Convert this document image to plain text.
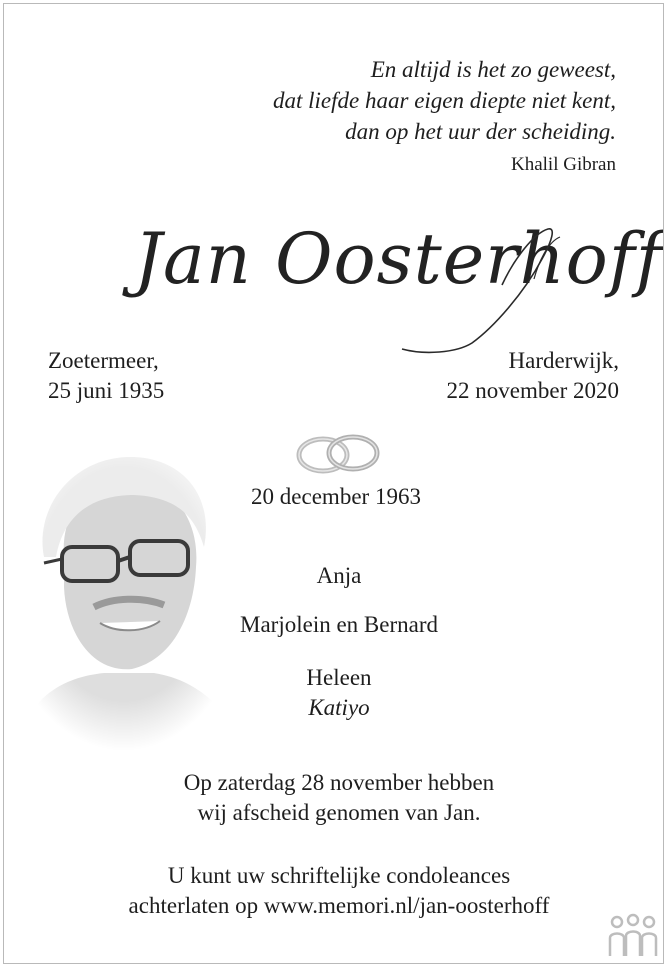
En altijd is het zo geweest,
dat liefde haar eigen diepte niet kent,
dan op het uur der scheiding.
Khalil Gibran
Jan Oosterhoff
Zoetermeer,
25 juni 1935
Harderwijk,
22 november 2020
20 december 1963
Anja
Marjolein en Bernard
Heleen
Katiyo
Op zaterdag 28 november hebben
wij afscheid genomen van Jan.
U kunt uw schriftelijke condoleances
achterlaten op www.memori.nl/jan-oosterhoff
